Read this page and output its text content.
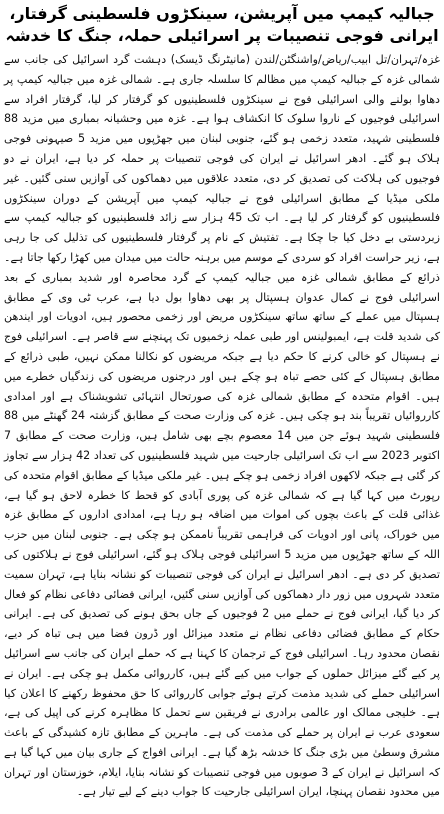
جبالیہ کیمپ میں آپریشن، سینکڑوں فلسطینی گرفتار، ایرانی فوجی تنصیبات پر اسرائیلی حملہ، جنگ کا خدشہ

غزہ/تہران/تل ابیب/ریاض/واشنگٹن/لندن (مانیٹرنگ ڈیسک) دہشت گرد اسرائیل کی جانب سے شمالی غزہ کے جبالیہ کیمپ میں مظالم کا سلسلہ جاری ہے۔ شمالی غزہ میں جبالیہ کیمپ پر دھاوا بولنے والی اسرائیلی فوج نے سینکڑوں فلسطینیوں کو گرفتار کر لیا، گرفتار افراد سے اسرائیلی فوجیوں کے ناروا سلوک کا انکشاف ہوا ہے۔ غزہ میں وحشیانہ بمباری میں مزید 88 فلسطینی شہید، متعدد زخمی ہو گئے، جنوبی لبنان میں جھڑپوں میں مزید 5 صیہونی فوجی ہلاک ہو گئے۔ ادھر اسرائیل نے ایران کی فوجی تنصیبات پر حملہ کر دیا ہے، ایران نے دو فوجیوں کی ہلاکت کی تصدیق کر دی، متعدد علاقوں میں دھماکوں کی آوازیں سنی گئیں۔ غیر ملکی میڈیا کے مطابق اسرائیلی فوج نے جبالیہ کیمپ میں آپریشن کے دوران سینکڑوں فلسطینیوں کو گرفتار کر لیا ہے۔ اب تک 45 ہزار سے زائد فلسطینیوں کو جبالیہ کیمپ سے زبردستی بے دخل کیا جا چکا ہے۔ تفتیش کے نام پر گرفتار فلسطینیوں کی تذلیل کی جا رہی ہے، زیر حراست افراد کو سردی کے موسم میں برہنہ حالت میں میدان میں کھڑا رکھا جاتا ہے۔ ذرائع کے مطابق شمالی غزہ میں جبالیہ کیمپ کے گرد محاصرہ اور شدید بمباری کے بعد اسرائیلی فوج نے کمال عدوان ہسپتال پر بھی دھاوا بول دیا ہے، عرب ٹی وی کے مطابق ہسپتال میں عملے کے ساتھ ساتھ سینکڑوں مریض اور زخمی محصور ہیں، ادویات اور ایندھن کی شدید قلت ہے، ایمبولینس اور طبی عملہ زخمیوں تک پہنچنے سے قاصر ہے۔ اسرائیلی فوج نے ہسپتال کو خالی کرنے کا حکم دیا ہے جبکہ مریضوں کو نکالنا ممکن نہیں، طبی ذرائع کے مطابق ہسپتال کے کئی حصے تباہ ہو چکے ہیں اور درجنوں مریضوں کی زندگیاں خطرے میں ہیں۔ اقوام متحدہ کے مطابق شمالی غزہ کی صورتحال انتہائی تشویشناک ہے اور امدادی کارروائیاں تقریباً بند ہو چکی ہیں۔ غزہ کی وزارت صحت کے مطابق گزشتہ 24 گھنٹے میں 88 فلسطینی شہید ہوئے جن میں 14 معصوم بچے بھی شامل ہیں، وزارت صحت کے مطابق 7 اکتوبر 2023 سے اب تک اسرائیلی جارحیت میں شہید فلسطینیوں کی تعداد 42 ہزار سے تجاوز کر گئی ہے جبکہ لاکھوں افراد زخمی ہو چکے ہیں۔ غیر ملکی میڈیا کے مطابق اقوام متحدہ کی رپورٹ میں کہا گیا ہے کہ شمالی غزہ کی پوری آبادی کو قحط کا خطرہ لاحق ہو گیا ہے، غذائی قلت کے باعث بچوں کی اموات میں اضافہ ہو رہا ہے، امدادی اداروں کے مطابق غزہ میں خوراک، پانی اور ادویات کی فراہمی تقریباً ناممکن ہو چکی ہے۔ جنوبی لبنان میں حزب اللہ کے ساتھ جھڑپوں میں مزید 5 اسرائیلی فوجی ہلاک ہو گئے، اسرائیلی فوج نے ہلاکتوں کی تصدیق کر دی ہے۔ ادھر اسرائیل نے ایران کی فوجی تنصیبات کو نشانہ بنایا ہے، تہران سمیت متعدد شہروں میں زور دار دھماکوں کی آوازیں سنی گئیں، ایرانی فضائی دفاعی نظام کو فعال کر دیا گیا، ایرانی فوج نے حملے میں 2 فوجیوں کے جاں بحق ہونے کی تصدیق کی ہے۔ ایرانی حکام کے مطابق فضائی دفاعی نظام نے متعدد میزائل اور ڈرون فضا میں ہی تباہ کر دیے، نقصان محدود رہا۔ اسرائیلی فوج کے ترجمان کا کہنا ہے کہ حملے ایران کی جانب سے اسرائیل پر کیے گئے میزائل حملوں کے جواب میں کیے گئے ہیں، کارروائی مکمل ہو چکی ہے۔ ایران نے اسرائیلی حملے کی شدید مذمت کرتے ہوئے جوابی کارروائی کا حق محفوظ رکھنے کا اعلان کیا ہے۔ خلیجی ممالک اور عالمی برادری نے فریقین سے تحمل کا مظاہرہ کرنے کی اپیل کی ہے، سعودی عرب نے ایران پر حملے کی مذمت کی ہے۔ ماہرین کے مطابق تازہ کشیدگی کے باعث مشرق وسطیٰ میں بڑی جنگ کا خدشہ بڑھ گیا ہے۔ ایرانی افواج کے جاری بیان میں کہا گیا ہے کہ اسرائیل نے ایران کے 3 صوبوں میں فوجی تنصیبات کو نشانہ بنایا، ایلام، خوزستان اور تہران میں محدود نقصان پہنچا، ایران اسرائیلی جارحیت کا جواب دینے کے لیے تیار ہے۔
